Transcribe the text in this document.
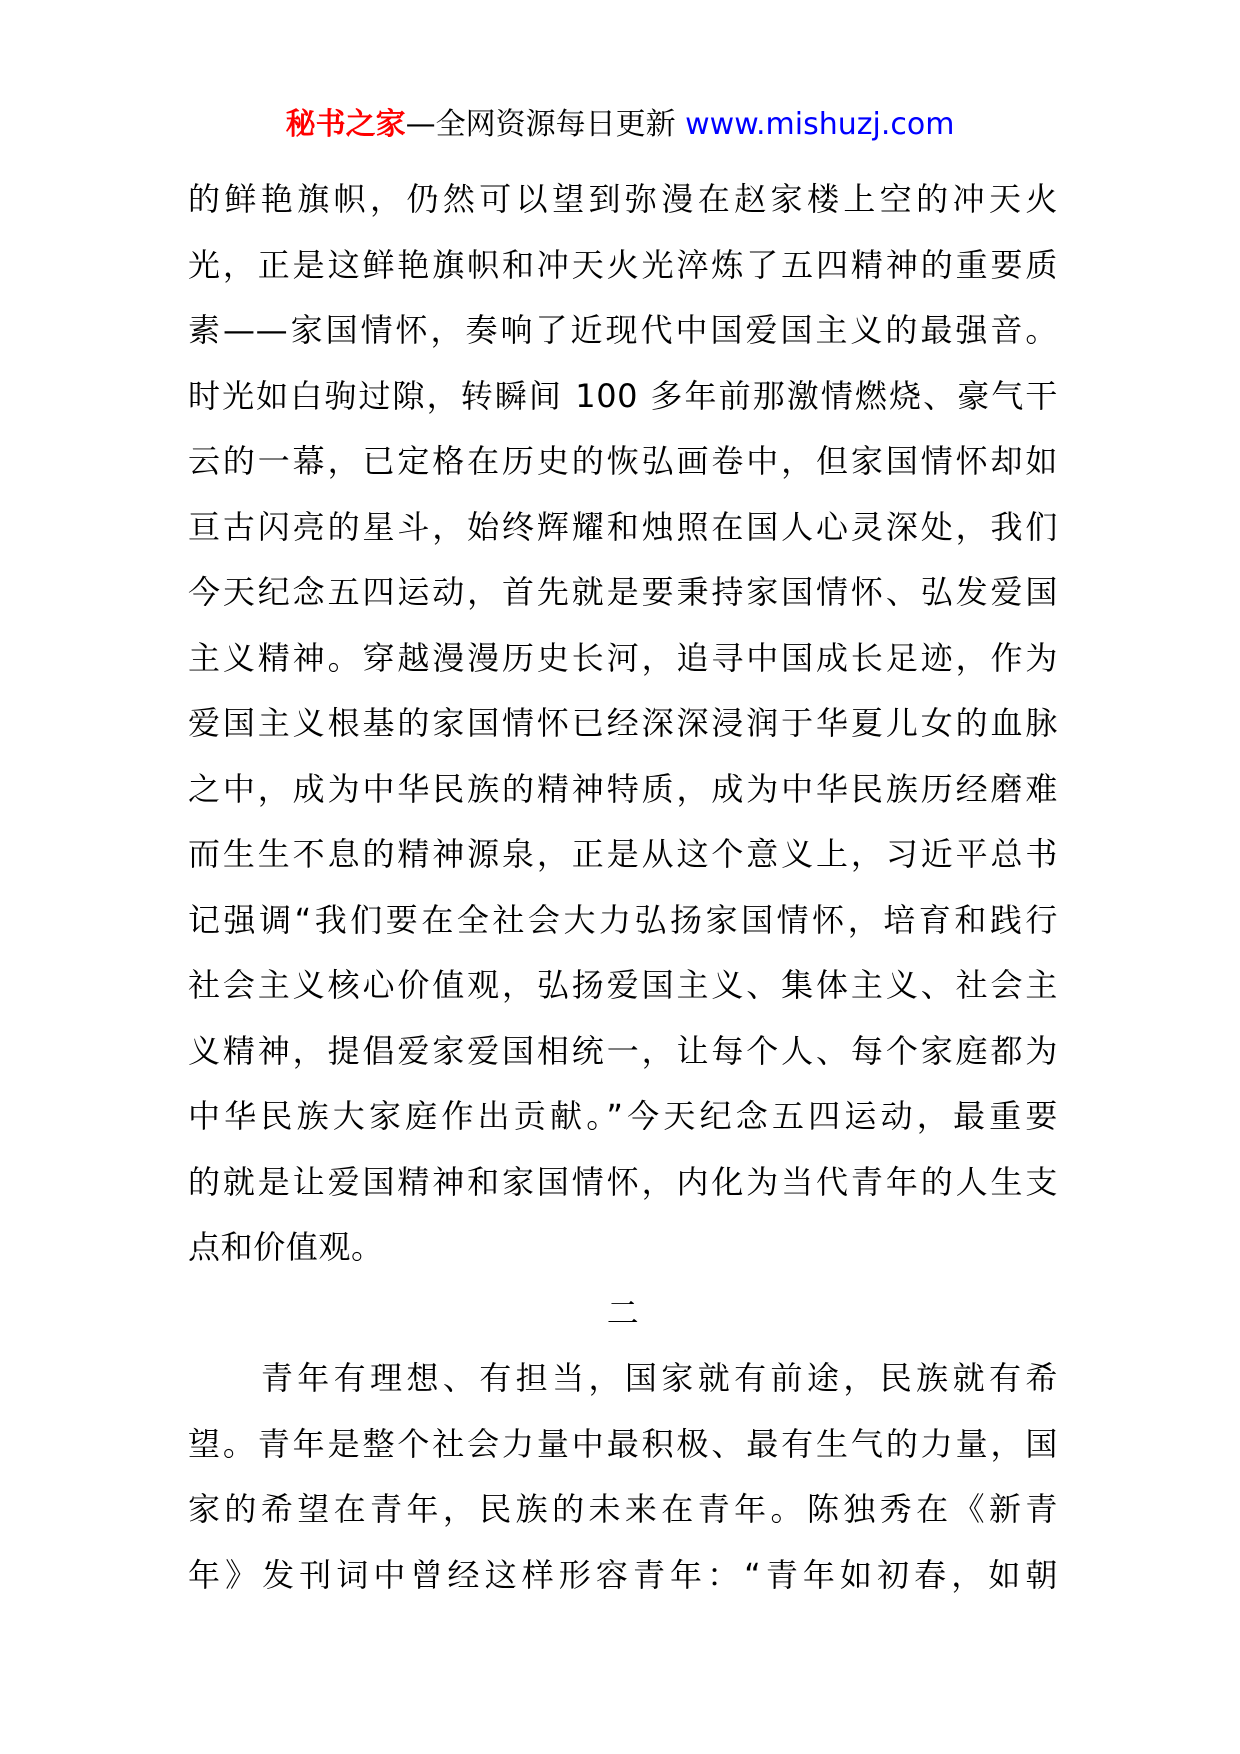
秘书之家—全网资源每日更新 www.mishuzj.com
的鲜艳旗帜，仍然可以望到弥漫在赵家楼上空的冲天火
光，正是这鲜艳旗帜和冲天火光淬炼了五四精神的重要质
素——家国情怀，奏响了近现代中国爱国主义的最强音。
时光如白驹过隙，转瞬间 100 多年前那激情燃烧、豪气干
云的一幕，已定格在历史的恢弘画卷中，但家国情怀却如
亘古闪亮的星斗，始终辉耀和烛照在国人心灵深处，我们
今天纪念五四运动，首先就是要秉持家国情怀、弘发爱国
主义精神。穿越漫漫历史长河，追寻中国成长足迹，作为
爱国主义根基的家国情怀已经深深浸润于华夏儿女的血脉
之中，成为中华民族的精神特质，成为中华民族历经磨难
而生生不息的精神源泉，正是从这个意义上，习近平总书
记强调“我们要在全社会大力弘扬家国情怀，培育和践行
社会主义核心价值观，弘扬爱国主义、集体主义、社会主
义精神，提倡爱家爱国相统一，让每个人、每个家庭都为
中华民族大家庭作出贡献。”今天纪念五四运动，最重要
的就是让爱国精神和家国情怀，内化为当代青年的人生支
点和价值观。
二
　　青年有理想、有担当，国家就有前途，民族就有希
望。青年是整个社会力量中最积极、最有生气的力量，国
家的希望在青年，民族的未来在青年。陈独秀在《新青
年》发刊词中曾经这样形容青年：“青年如初春，如朝
